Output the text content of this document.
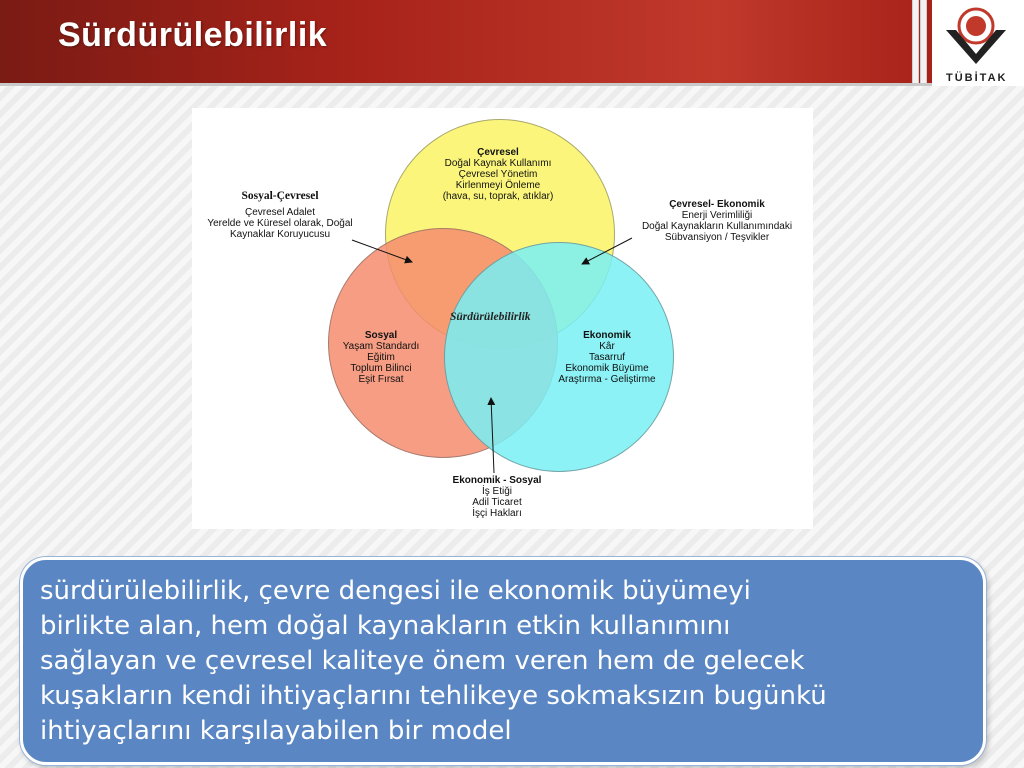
Sürdürülebilirlik
TÜBİTAK
Çevresel
Doğal Kaynak Kullanımı
Çevresel Yönetim
Kirlenmeyi Önleme
(hava, su, toprak, atıklar)
Sosyal-Çevresel
Çevresel Adalet
Yerelde ve Küresel olarak, Doğal
Kaynaklar Koruyucusu
Çevresel- Ekonomik
Enerji Verimliliği
Doğal Kaynakların Kullanımındaki
Sübvansiyon / Teşvikler
Sürdürülebilirlik
Sosyal
Yaşam Standardı
Eğitim
Toplum Bilinci
Eşit Fırsat
Ekonomik
Kâr
Tasarruf
Ekonomik Büyüme
Araştırma - Geliştirme
Ekonomik - Sosyal
İş Etiği
Adil Ticaret
İşçi Hakları
sürdürülebilirlik, çevre dengesi ile ekonomik büyümeyi
birlikte alan, hem doğal kaynakların etkin kullanımını
sağlayan ve çevresel kaliteye önem veren hem de gelecek
kuşakların kendi ihtiyaçlarını tehlikeye sokmaksızın bugünkü
ihtiyaçlarını karşılayabilen bir model
